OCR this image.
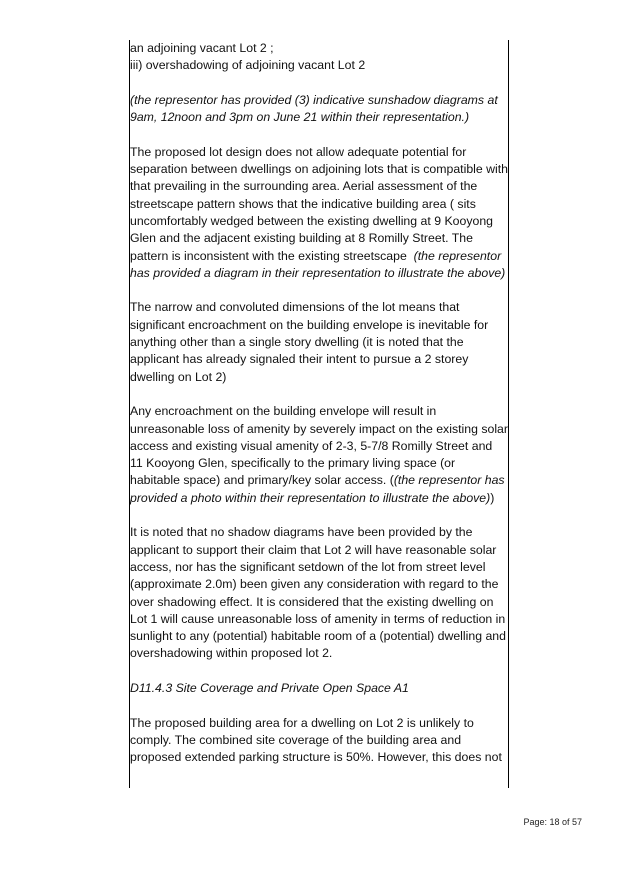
an adjoining vacant Lot 2 ;

iii) overshadowing of adjoining vacant Lot 2

(the representor has provided (3) indicative sunshadow diagrams at 9am, 12noon and 3pm on June 21 within their representation.)

The proposed lot design does not allow adequate potential for separation between dwellings on adjoining lots that is compatible with that prevailing in the surrounding area. Aerial assessment of the streetscape pattern shows that the indicative building area ( sits uncomfortably wedged between the existing dwelling at 9 Kooyong Glen and the adjacent existing building at 8 Romilly Street. The pattern is inconsistent with the existing streetscape (the representor has provided a diagram in their representation to illustrate the above)

The narrow and convoluted dimensions of the lot means that significant encroachment on the building envelope is inevitable for anything other than a single story dwelling (it is noted that the applicant has already signaled their intent to pursue a 2 storey dwelling on Lot 2)

Any encroachment on the building envelope will result in unreasonable loss of amenity by severely impact on the existing solar access and existing visual amenity of 2-3, 5-7/8 Romilly Street and 11 Kooyong Glen, specifically to the primary living space (or habitable space) and primary/key solar access. ((the representor has provided a photo within their representation to illustrate the above))

It is noted that no shadow diagrams have been provided by the applicant to support their claim that Lot 2 will have reasonable solar access, nor has the significant setdown of the lot from street level (approximate 2.0m) been given any consideration with regard to the over shadowing effect. It is considered that the existing dwelling on Lot 1 will cause unreasonable loss of amenity in terms of reduction in sunlight to any (potential) habitable room of a (potential) dwelling and overshadowing within proposed lot 2.

D11.4.3 Site Coverage and Private Open Space A1

The proposed building area for a dwelling on Lot 2 is unlikely to comply. The combined site coverage of the building area and proposed extended parking structure is 50%. However, this does not

Page: 18 of 57
